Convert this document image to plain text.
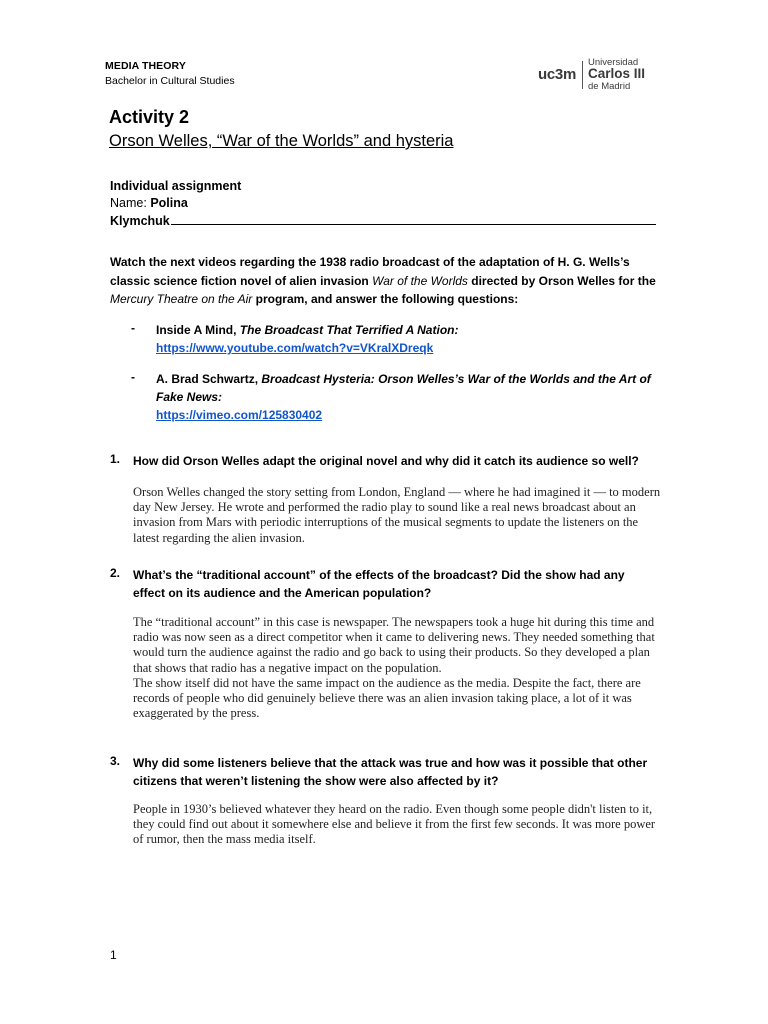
MEDIA THEORY
Bachelor in Cultural Studies	uc3m
Universidad
Carlos III
de Madrid
Activity 2
Orson Welles, “War of the Worlds” and hysteria
Individual assignment
Name: Polina
Klymchuk
Watch the next videos regarding the 1938 radio broadcast of the adaptation of H. G. Wells’s classic science fiction novel of alien invasion War of the Worlds directed by Orson Welles for the Mercury Theatre on the Air program, and answer the following questions:
- Inside A Mind, The Broadcast That Terrified A Nation:
https://www.youtube.com/watch?v=VKralXDreqk
- A. Brad Schwartz, Broadcast Hysteria: Orson Welles’s War of the Worlds and the Art of Fake News:
https://vimeo.com/125830402
1. How did Orson Welles adapt the original novel and why did it catch its audience so well?

Orson Welles changed the story setting from London, England — where he had imagined it — to modern day New Jersey. He wrote and performed the radio play to sound like a real news broadcast about an invasion from Mars with periodic interruptions of the musical segments to update the listeners on the latest regarding the alien invasion.

2. What’s the “traditional account” of the effects of the broadcast? Did the show had any effect on its audience and the American population?

The “traditional account” in this case is newspaper. The newspapers took a huge hit during this time and radio was now seen as a direct competitor when it came to delivering news. They needed something that would turn the audience against the radio and go back to using their products. So they developed a plan that shows that radio has a negative impact on the population.

The show itself did not have the same impact on the audience as the media. Despite the fact, there are records of people who did genuinely believe there was an alien invasion taking place, a lot of it was exaggerated by the press.

3. Why did some listeners believe that the attack was true and how was it possible that other citizens that weren’t listening the show were also affected by it?

People in 1930’s believed whatever they heard on the radio. Even though some people didn't listen to it, they could find out about it somewhere else and believe it from the first few seconds. It was more power of rumor, then the mass media itself.

1
